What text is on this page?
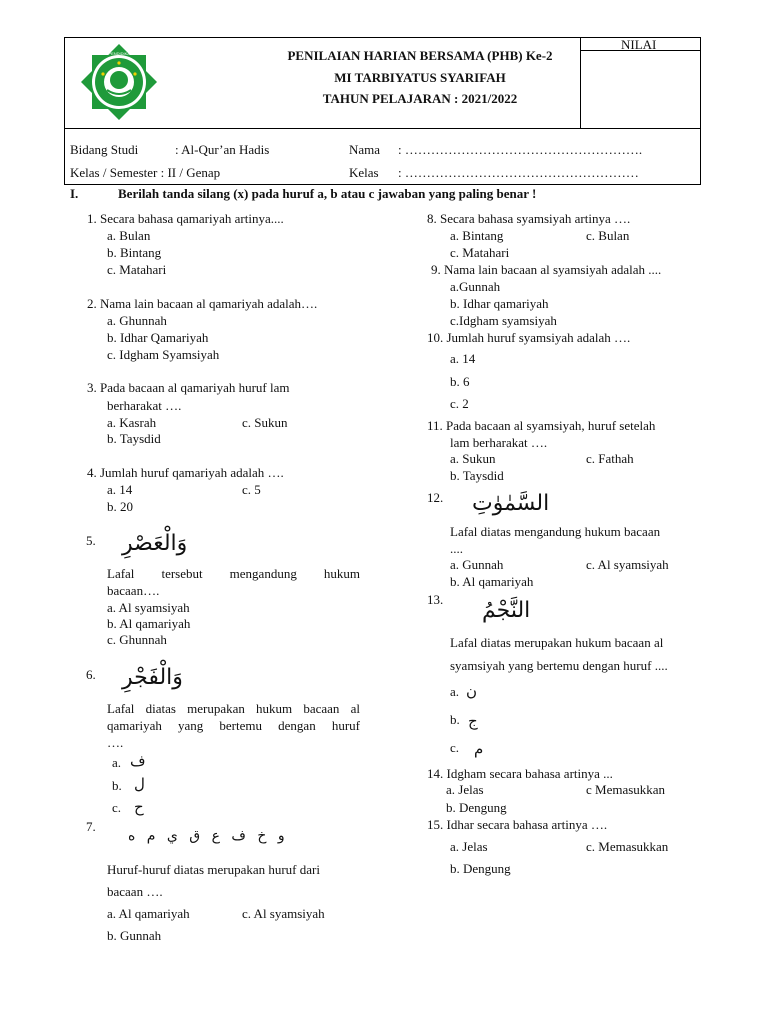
LEMBAGA PENDIDIKAN MA'ARIF	PENILAIAN HARIAN BERSAMA (PHB) Ke-2
MI TARBIYATUS SYARIFAH
TAHUN PELAJARAN : 2021/2022
NILAI
Bidang Studi	: Al-Qur’an Hadis	Nama : ……………………………………………….
Kelas / Semester : II / Genap	Kelas : ………………………………………………
I.	Berilah tanda silang (x) pada huruf a, b atau c jawaban yang paling benar !
1. Secara bahasa qamariyah artinya....
a. Bulan
b. Bintang
c. Matahari
2. Nama lain bacaan al qamariyah adalah….
a. Ghunnah
b. Idhar Qamariyah
c. Idgham Syamsiyah
3. Pada bacaan al qamariyah huruf lam
berharakat ….
a. Kasrah	c. Sukun
b. Taysdid
4. Jumlah huruf qamariyah adalah ….
a. 14	c. 5
b. 20
5. وَالْعَصْرِ
Lafal tersebut mengandung hukum
bacaan….
a. Al syamsiyah
b. Al qamariyah
c. Ghunnah
6. وَالْفَجْرِ
Lafal diatas merupakan hukum bacaan al
qamariyah yang bertemu dengan huruf
….
a. ف
b. ل
c. ح
7.
و خ ف ع ق ي م ه
Huruf-huruf diatas merupakan huruf dari
bacaan ….
a. Al qamariyah	c. Al syamsiyah
b. Gunnah
8. Secara bahasa syamsiyah artinya ….
a. Bintang	c. Bulan
c. Matahari
9. Nama lain bacaan al syamsiyah adalah ....
a.Gunnah
b. Idhar qamariyah
c.Idgham syamsiyah
10. Jumlah huruf syamsiyah adalah ….
a. 14
b. 6
c. 2
11. Pada bacaan al syamsiyah, huruf setelah
lam berharakat ….
a. Sukun	c. Fathah
b. Taysdid
12. السَّمٰوٰتِ
Lafal diatas mengandung hukum bacaan
....
a. Gunnah	c. Al syamsiyah
b. Al qamariyah
13. النَّجْمُ
Lafal diatas merupakan hukum bacaan al
syamsiyah yang bertemu dengan huruf ....
a. ن
b. ج
c. م
14. Idgham secara bahasa artinya ...
a. Jelas	c Memasukkan
b. Dengung
15. Idhar secara bahasa artinya ….
a. Jelas	c. Memasukkan
b. Dengung
